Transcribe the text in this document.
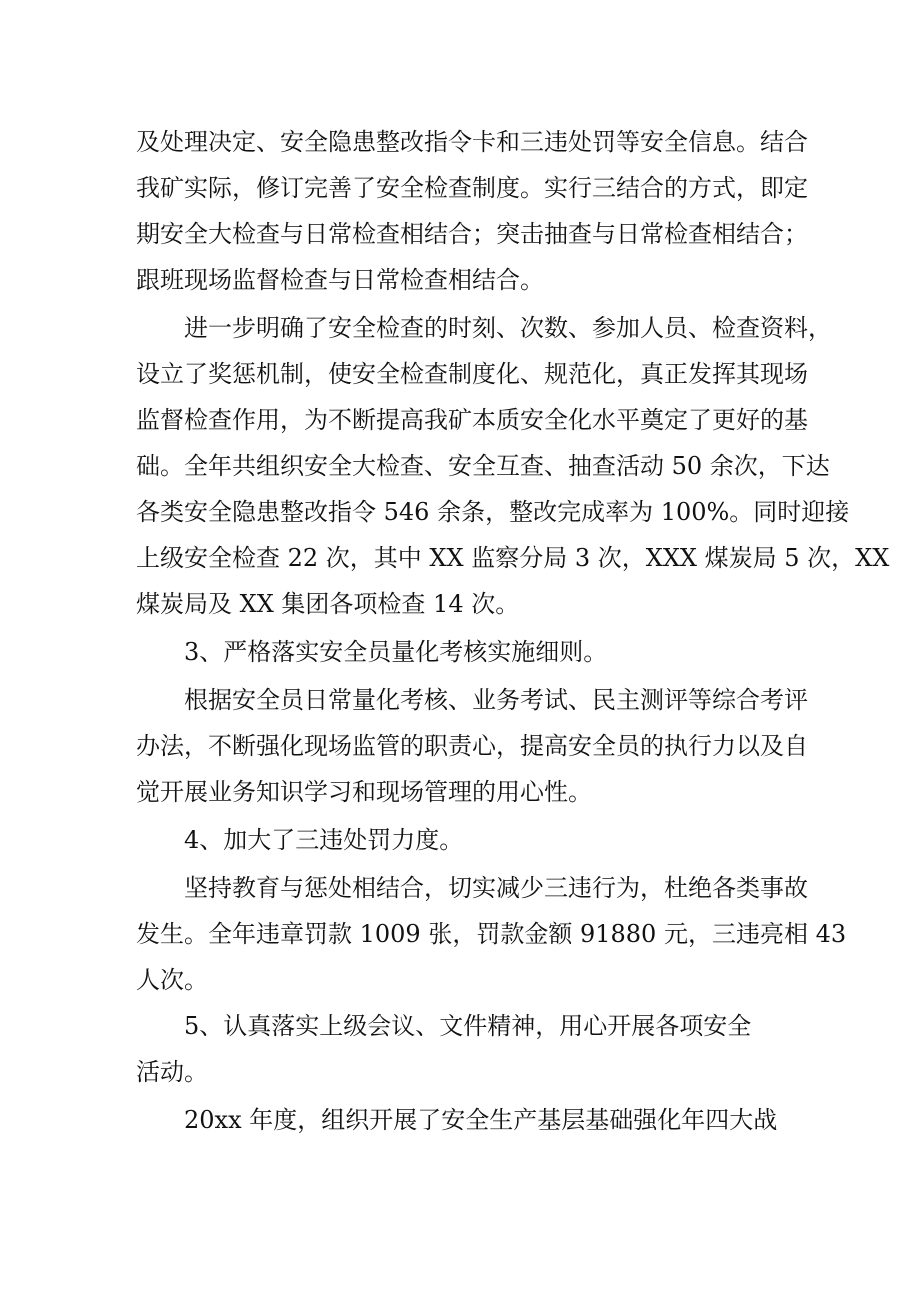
及处理决定、安全隐患整改指令卡和三违处罚等安全信息。结合
我矿实际，修订完善了安全检查制度。实行三结合的方式，即定
期安全大检查与日常检查相结合；突击抽查与日常检查相结合；
跟班现场监督检查与日常检查相结合。
进一步明确了安全检查的时刻、次数、参加人员、检查资料，
设立了奖惩机制，使安全检查制度化、规范化，真正发挥其现场
监督检查作用，为不断提高我矿本质安全化水平奠定了更好的基
础。全年共组织安全大检查、安全互查、抽查活动 50 余次，下达
各类安全隐患整改指令 546 余条，整改完成率为 100%。同时迎接
上级安全检查 22 次，其中 XX 监察分局 3 次，XXX 煤炭局 5 次，XX
煤炭局及 XX 集团各项检查 14 次。
3、严格落实安全员量化考核实施细则。
根据安全员日常量化考核、业务考试、民主测评等综合考评
办法，不断强化现场监管的职责心，提高安全员的执行力以及自
觉开展业务知识学习和现场管理的用心性。
4、加大了三违处罚力度。
坚持教育与惩处相结合，切实减少三违行为，杜绝各类事故
发生。全年违章罚款 1009 张，罚款金额 91880 元，三违亮相 43
人次。
5、认真落实上级会议、文件精神，用心开展各项安全
活动。
20xx 年度，组织开展了安全生产基层基础强化年四大战
